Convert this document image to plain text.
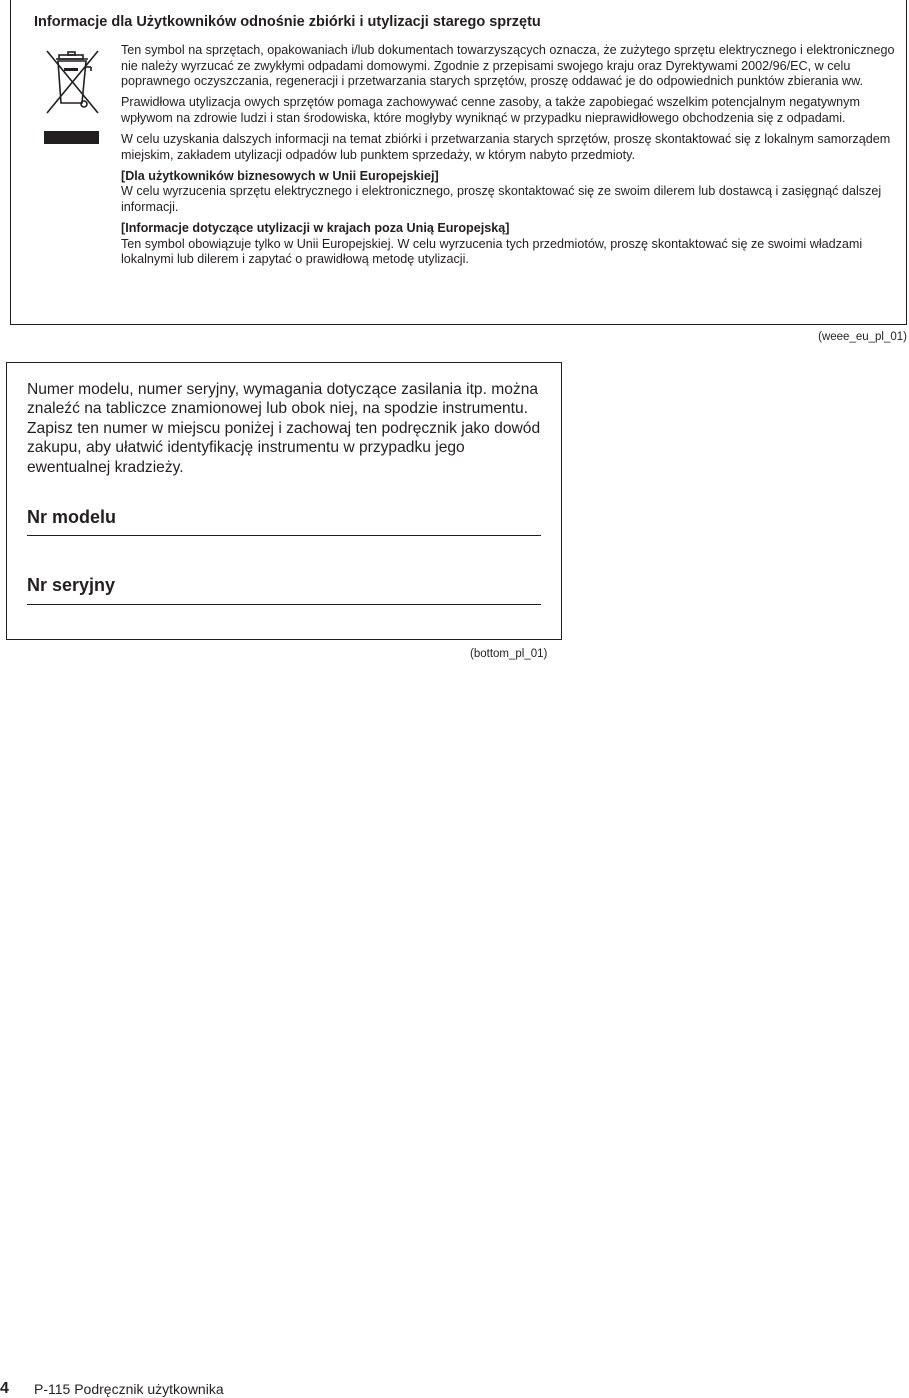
Informacje dla Użytkowników odnośnie zbiórki i utylizacji starego sprzętu

Ten symbol na sprzętach, opakowaniach i/lub dokumentach towarzyszących oznacza, że zużytego sprzętu elektrycznego i elektronicznego nie należy wyrzucać ze zwykłymi odpadami domowymi. Zgodnie z przepisami swojego kraju oraz Dyrektywami 2002/96/EC, w celu poprawnego oczyszczania, regeneracji i przetwarzania starych sprzętów, proszę oddawać je do odpowiednich punktów zbierania ww.

Prawidłowa utylizacja owych sprzętów pomaga zachowywać cenne zasoby, a także zapobiegać wszelkim potencjalnym negatywnym wpływom na zdrowie ludzi i stan środowiska, które mogłyby wyniknąć w przypadku nieprawidłowego obchodzenia się z odpadami.

W celu uzyskania dalszych informacji na temat zbiórki i przetwarzania starych sprzętów, proszę skontaktować się z lokalnym samorządem miejskim, zakładem utylizacji odpadów lub punktem sprzedaży, w którym nabyto przedmioty.

[Dla użytkowników biznesowych w Unii Europejskiej]
W celu wyrzucenia sprzętu elektrycznego i elektronicznego, proszę skontaktować się ze swoim dilerem lub dostawcą i zasięgnąć dalszej informacji.

[Informacje dotyczące utylizacji w krajach poza Unią Europejską]
Ten symbol obowiązuje tylko w Unii Europejskiej. W celu wyrzucenia tych przedmiotów, proszę skontaktować się ze swoimi władzami lokalnymi lub dilerem i zapytać o prawidłową metodę utylizacji.

(weee_eu_pl_01)
Numer modelu, numer seryjny, wymagania dotyczące zasilania itp. można znaleźć na tabliczce znamionowej lub obok niej, na spodzie instrumentu. Zapisz ten numer w miejscu poniżej i zachowaj ten podręcznik jako dowód zakupu, aby ułatwić identyfikację instrumentu w przypadku jego ewentualnej kradzieży.
Nr modelu
Nr seryjny
(bottom_pl_01)
4 P-115 Podręcznik użytkownika
